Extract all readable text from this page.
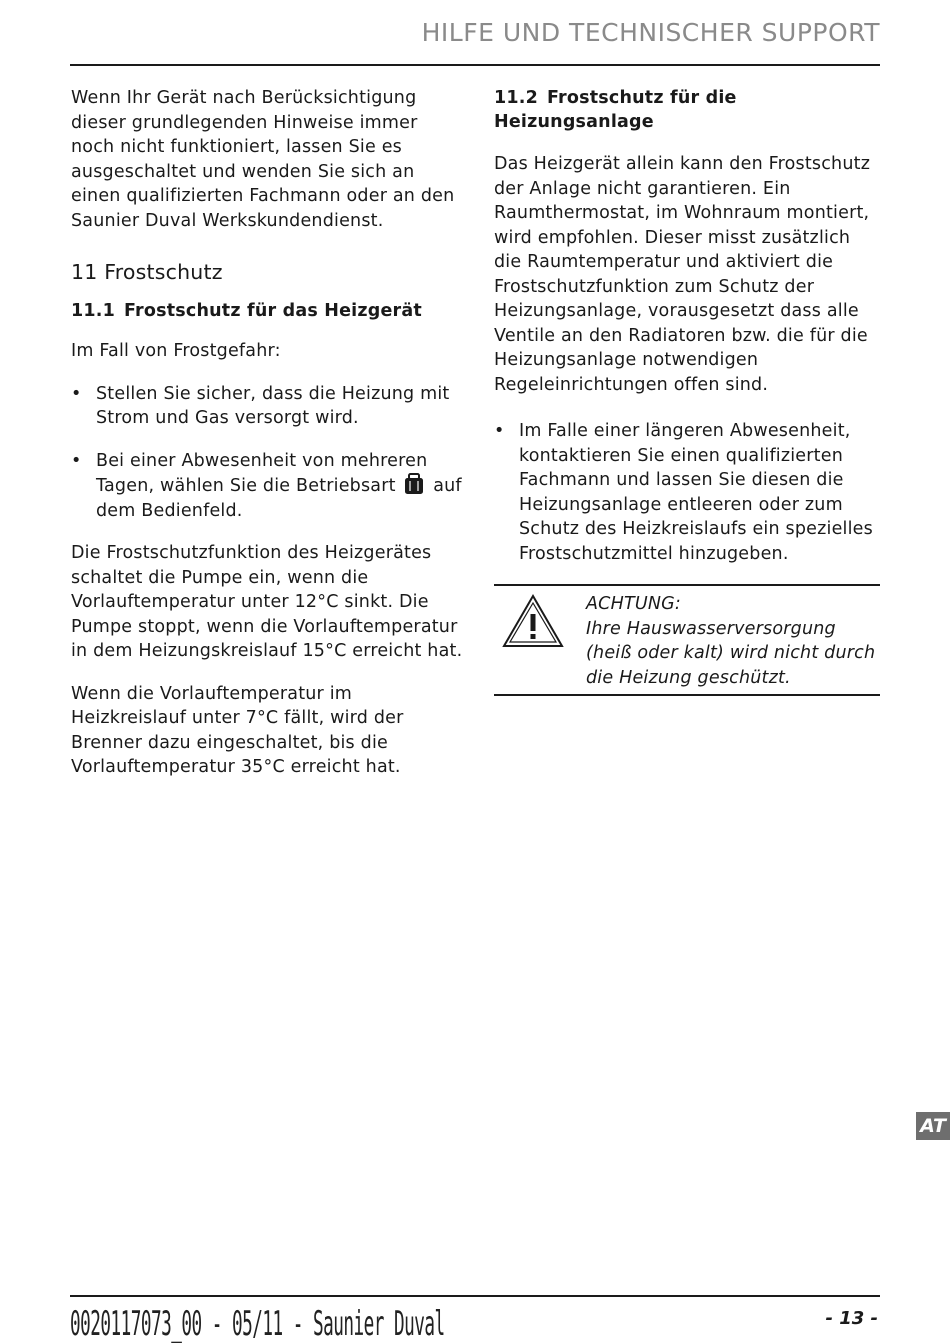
HILFE UND TECHNISCHER SUPPORT

Wenn Ihr Gerät nach Berücksichtigung dieser grundlegenden Hinweise immer noch nicht funktioniert, lassen Sie es ausgeschaltet und wenden Sie sich an einen qualifizierten Fachmann oder an den Saunier Duval Werkskundendienst.

11 Frostschutz
11.1 Frostschutz für das Heizgerät

Im Fall von Frostgefahr:

• Stellen Sie sicher, dass die Heizung mit Strom und Gas versorgt wird.
• Bei einer Abwesenheit von mehreren Tagen, wählen Sie die Betriebsart auf dem Bedienfeld.

Die Frostschutzfunktion des Heizgerätes schaltet die Pumpe ein, wenn die Vorlauftemperatur unter 12°C sinkt. Die Pumpe stoppt, wenn die Vorlauftemperatur in dem Heizungskreislauf 15°C erreicht hat.

Wenn die Vorlauftemperatur im Heizkreislauf unter 7°C fällt, wird der Brenner dazu eingeschaltet, bis die Vorlauftemperatur 35°C erreicht hat.

11.2 Frostschutz für die Heizungsanlage

Das Heizgerät allein kann den Frostschutz der Anlage nicht garantieren. Ein Raumthermostat, im Wohnraum montiert, wird empfohlen. Dieser misst zusätzlich die Raumtemperatur und aktiviert die Frostschutzfunktion zum Schutz der Heizungsanlage, vorausgesetzt dass alle Ventile an den Radiatoren bzw. die für die Heizungsanlage notwendigen Regeleinrichtungen offen sind.

• Im Falle einer längeren Abwesenheit, kontaktieren Sie einen qualifizierten Fachmann und lassen Sie diesen die Heizungsanlage entleeren oder zum Schutz des Heizkreislaufs ein spezielles Frostschutzmittel hinzugeben.
ACHTUNG:
Ihre Hauswasserversorgung (heiß oder kalt) wird nicht durch die Heizung geschützt.
AT
0020117073_00 - 05/11 - Saunier Duval	- 13 -
